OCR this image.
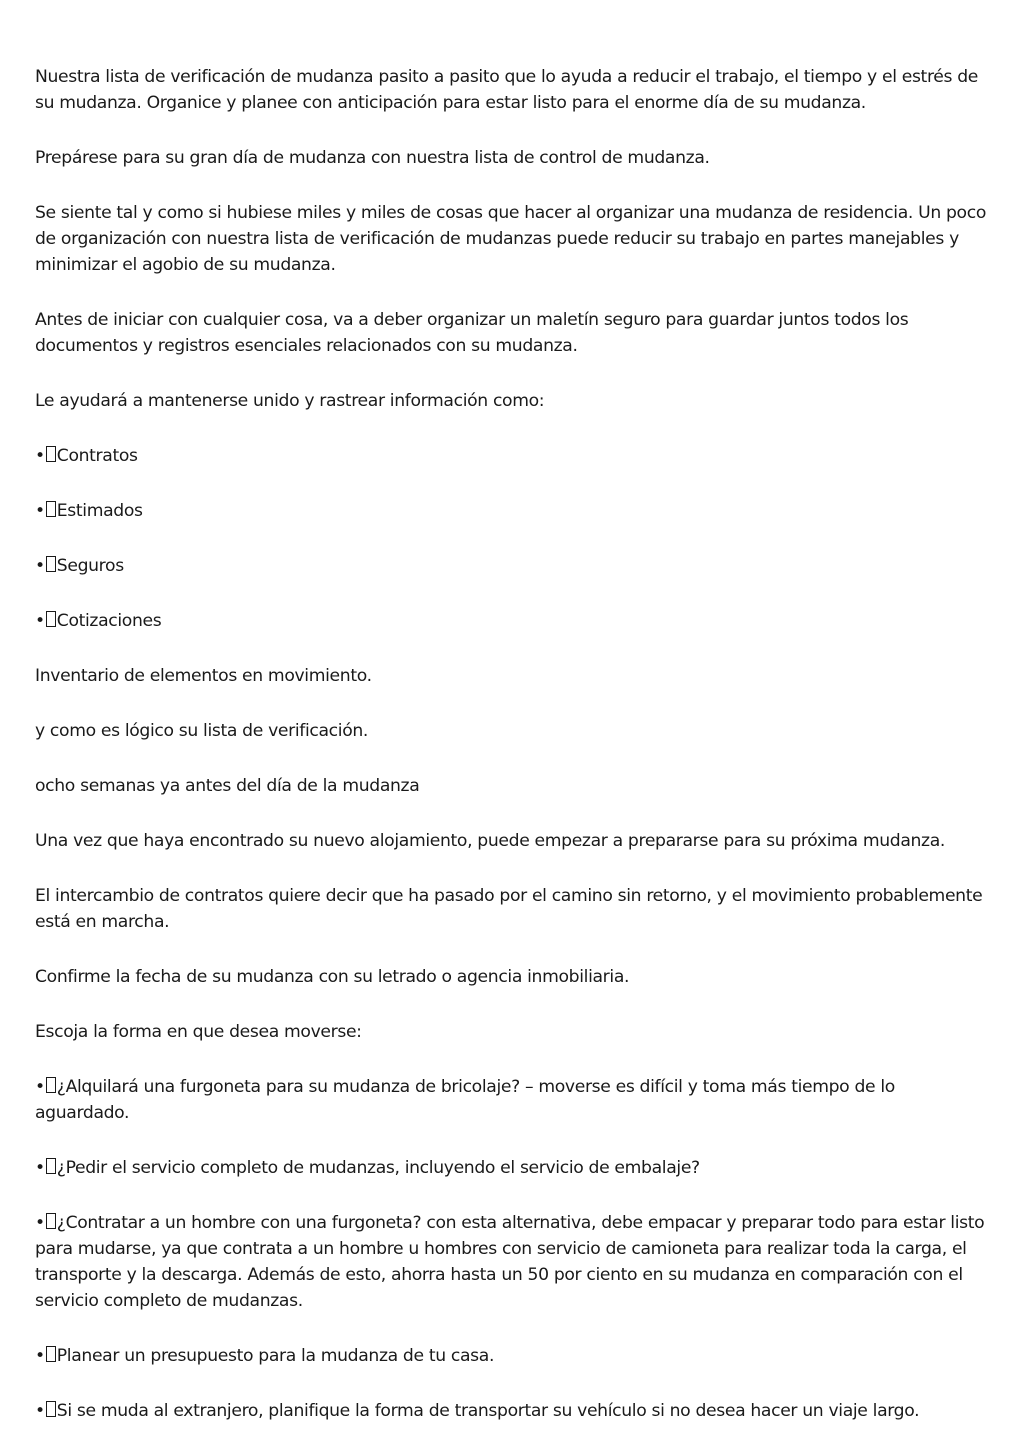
Nuestra lista de verificación de mudanza pasito a pasito que lo ayuda a reducir el trabajo, el tiempo y el estrés de su mudanza. Organice y planee con anticipación para estar listo para el enorme día de su mudanza.

Prepárese para su gran día de mudanza con nuestra lista de control de mudanza.

Se siente tal y como si hubiese miles y miles de cosas que hacer al organizar una mudanza de residencia. Un poco de organización con nuestra lista de verificación de mudanzas puede reducir su trabajo en partes manejables y minimizar el agobio de su mudanza.

Antes de iniciar con cualquier cosa, va a deber organizar un maletín seguro para guardar juntos todos los documentos y registros esenciales relacionados con su mudanza.

Le ayudará a mantenerse unido y rastrear información como:

• Contratos

• Estimados

• Seguros

• Cotizaciones

Inventario de elementos en movimiento.

y como es lógico su lista de verificación.

ocho semanas ya antes del día de la mudanza

Una vez que haya encontrado su nuevo alojamiento, puede empezar a prepararse para su próxima mudanza.

El intercambio de contratos quiere decir que ha pasado por el camino sin retorno, y el movimiento probablemente está en marcha.

Confirme la fecha de su mudanza con su letrado o agencia inmobiliaria.

Escoja la forma en que desea moverse:

• ¿Alquilará una furgoneta para su mudanza de bricolaje? – moverse es difícil y toma más tiempo de lo aguardado.

• ¿Pedir el servicio completo de mudanzas, incluyendo el servicio de embalaje?

• ¿Contratar a un hombre con una furgoneta? con esta alternativa, debe empacar y preparar todo para estar listo para mudarse, ya que contrata a un hombre u hombres con servicio de camioneta para realizar toda la carga, el transporte y la descarga. Además de esto, ahorra hasta un 50 por ciento en su mudanza en comparación con el servicio completo de mudanzas.

• Planear un presupuesto para la mudanza de tu casa.

• Si se muda al extranjero, planifique la forma de transportar su vehículo si no desea hacer un viaje largo.
